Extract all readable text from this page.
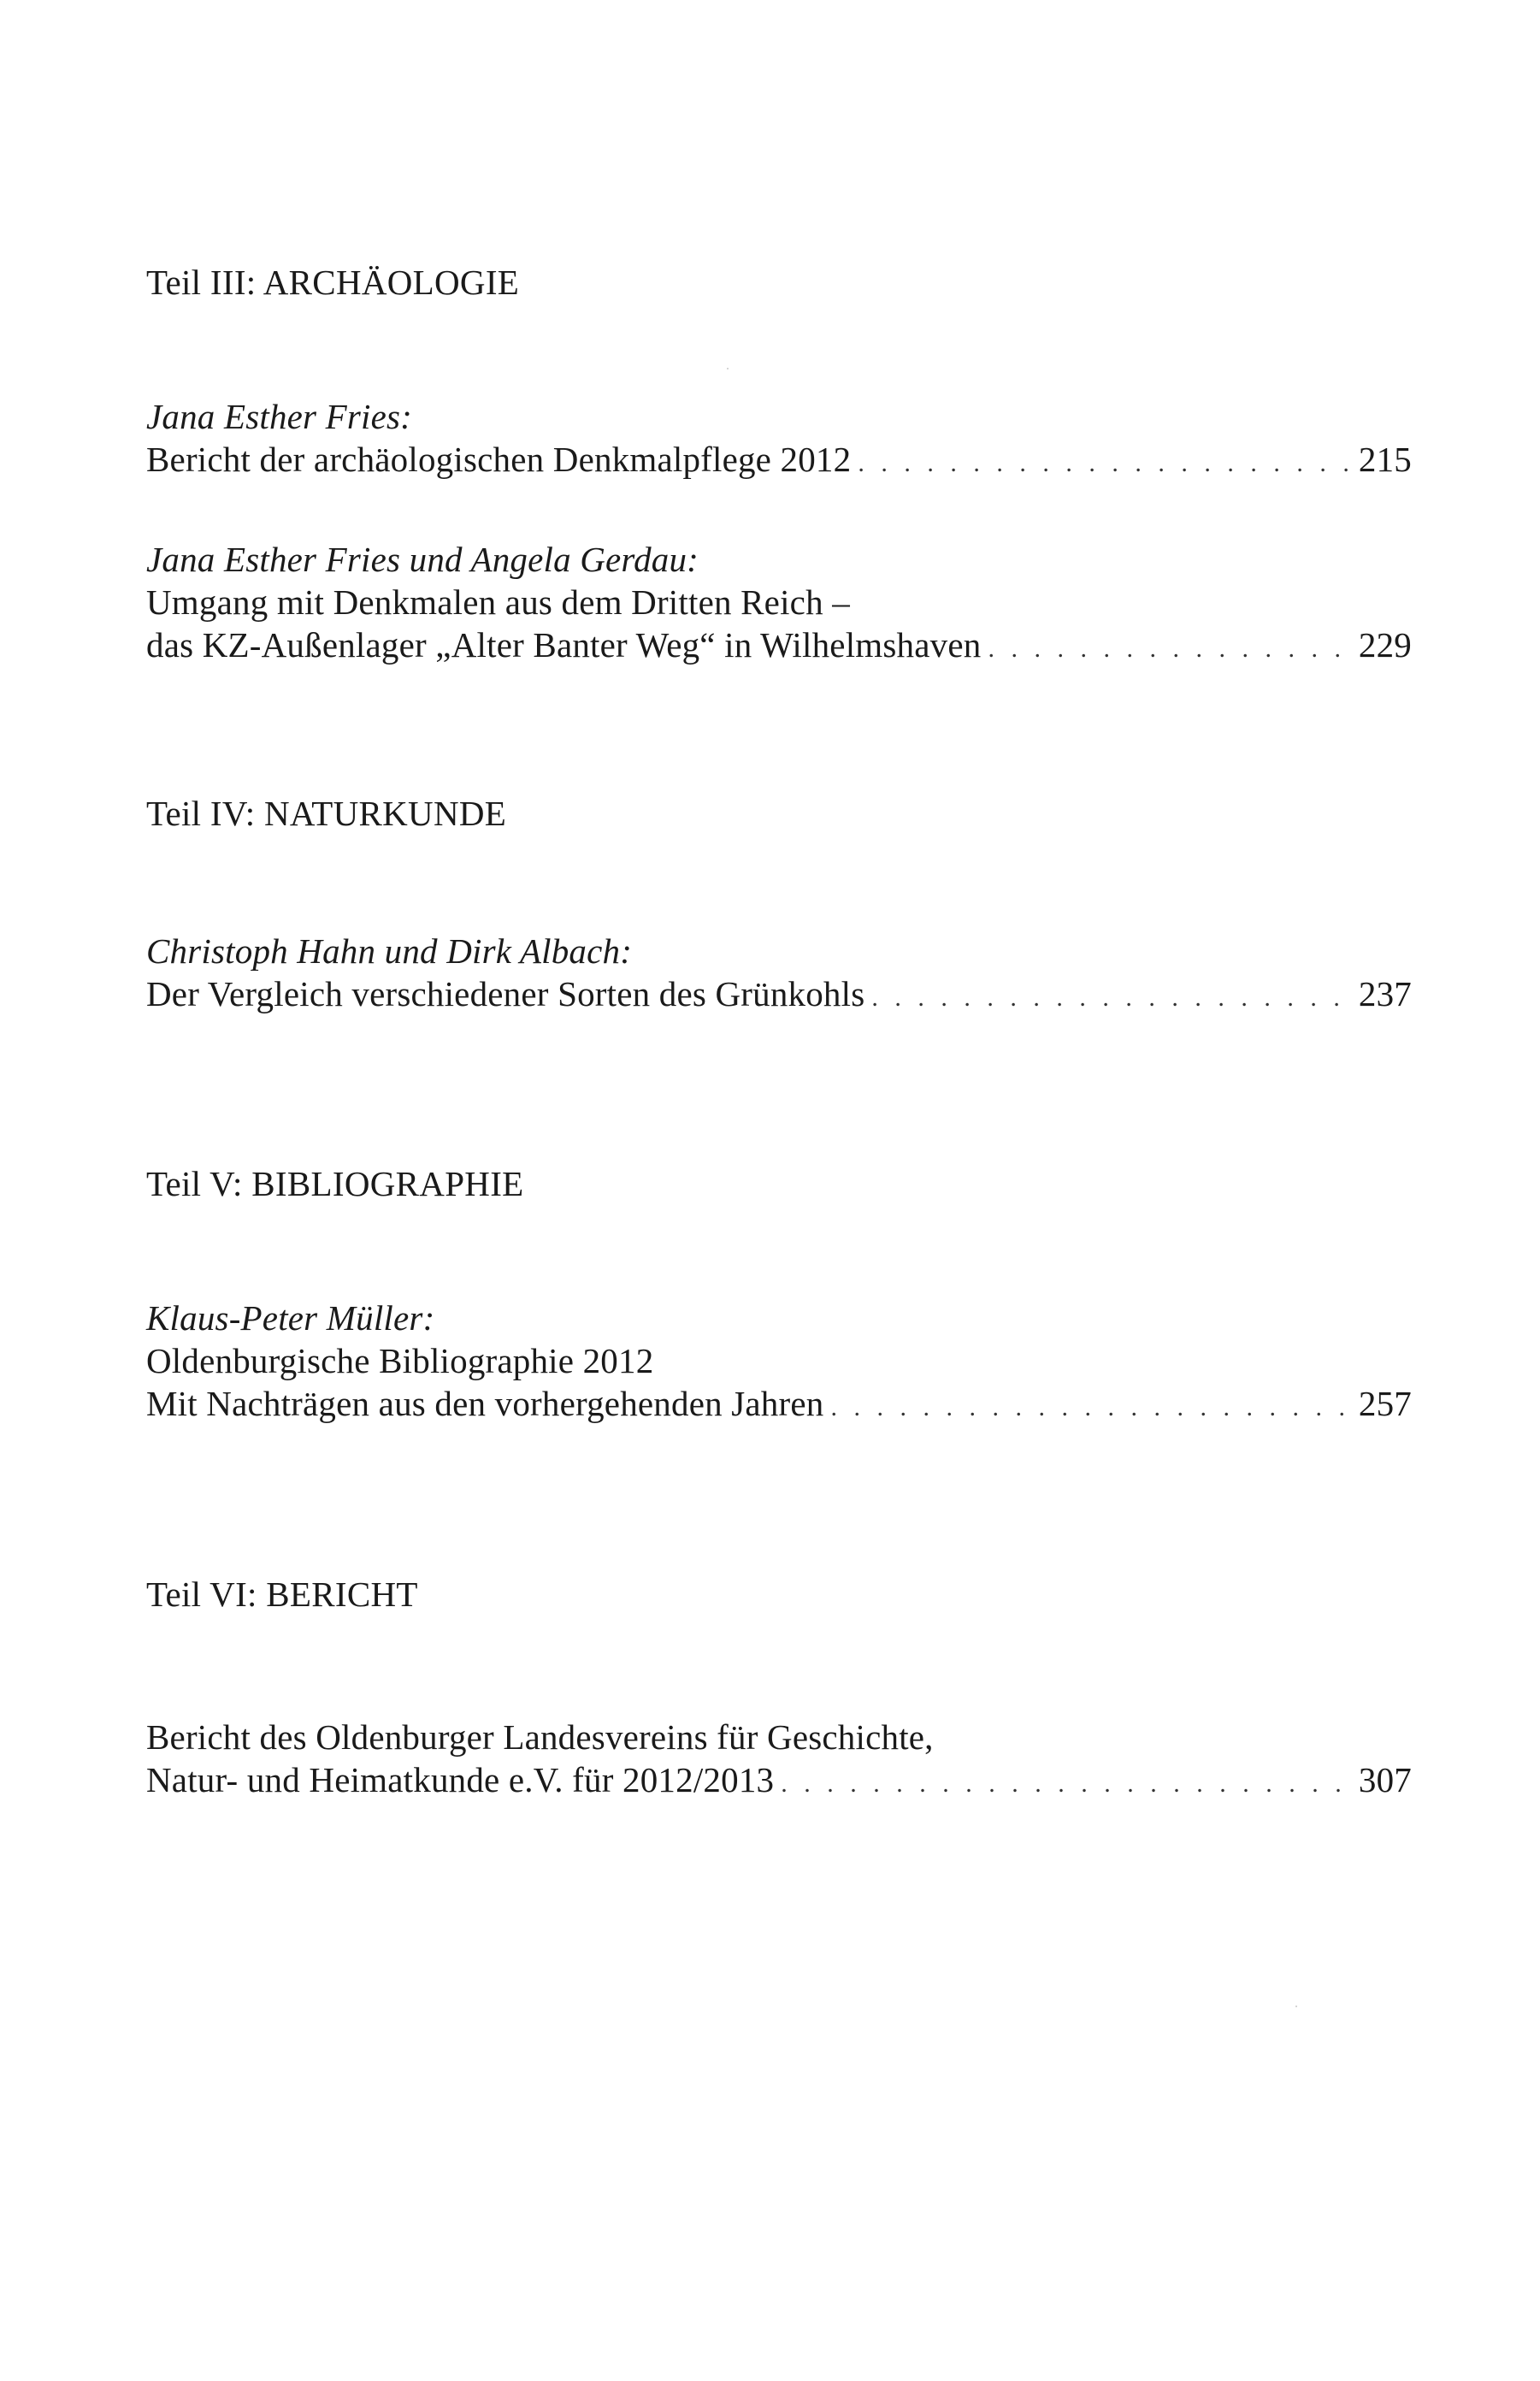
Teil III: ARCHÄOLOGIE

Jana Esther Fries:

Bericht der archäologischen Denkmalpflege 2012 . . .	215

Jana Esther Fries und Angela Gerdau:

Umgang mit Denkmalen aus dem Dritten Reich –

das KZ-Außenlager „Alter Banter Weg“ in Wilhelmshaven . . .	229
Teil IV: NATURKUNDE

Christoph Hahn und Dirk Albach:

Der Vergleich verschiedener Sorten des Grünkohls . . .	237
Teil V: BIBLIOGRAPHIE

Klaus-Peter Müller:

Oldenburgische Bibliographie 2012

Mit Nachträgen aus den vorhergehenden Jahren . . .	257
Teil VI: BERICHT

Bericht des Oldenburger Landesvereins für Geschichte,

Natur- und Heimatkunde e.V. für 2012/2013 . . .	307
